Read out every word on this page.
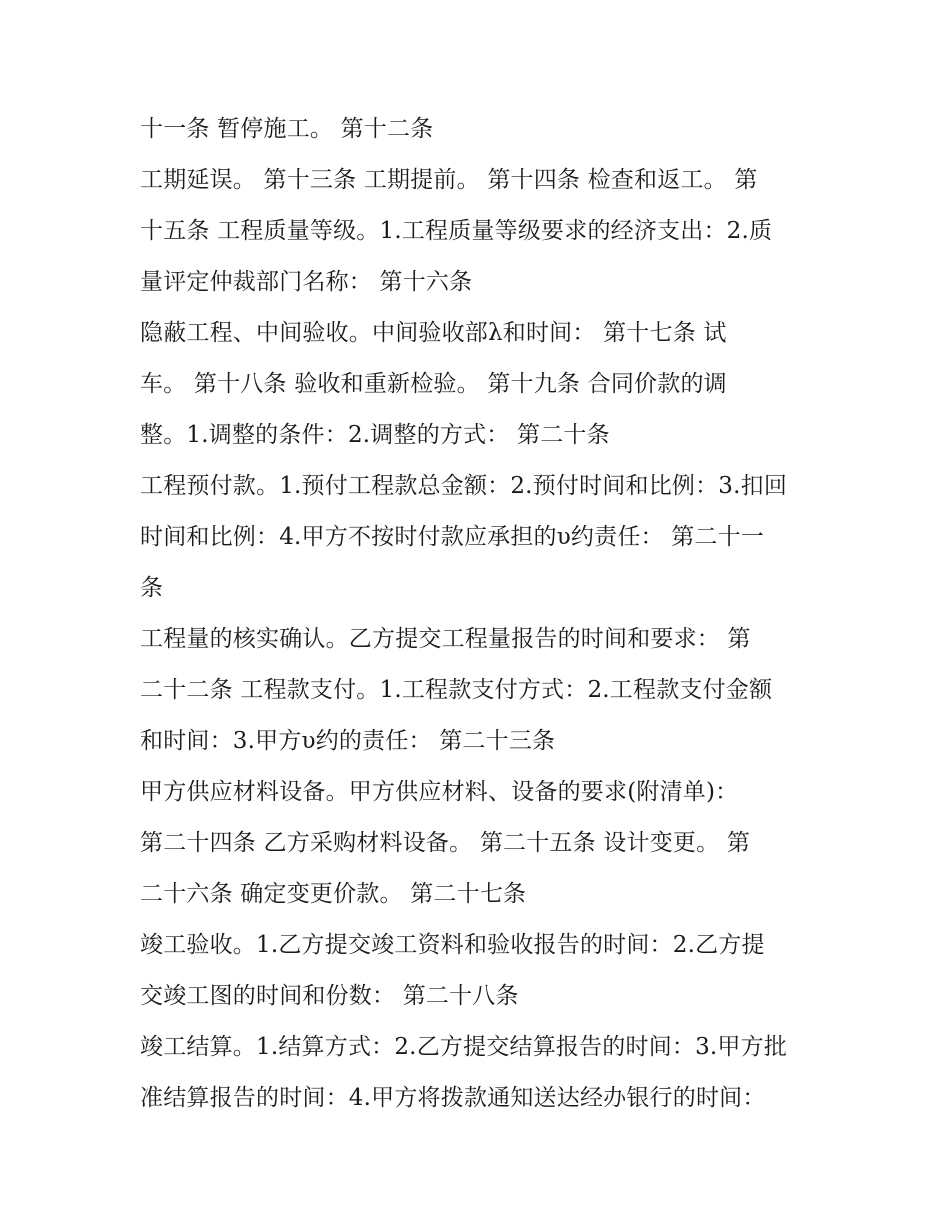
十一条 暂停施工。 第十二条
工期延误。 第十三条 工期提前。 第十四条 检查和返工。 第
十五条 工程质量等级。1.工程质量等级要求的经济支出：2.质
量评定仲裁部门名称： 第十六条
隐蔽工程、中间验收。中间验收部λ和时间： 第十七条 试
车。 第十八条 验收和重新检验。 第十九条 合同价款的调
整。1.调整的条件：2.调整的方式： 第二十条
工程预付款。1.预付工程款总金额：2.预付时间和比例：3.扣回
时间和比例：4.甲方不按时付款应承担的υ约责任： 第二十一
条
工程量的核实确认。乙方提交工程量报告的时间和要求： 第
二十二条 工程款支付。1.工程款支付方式：2.工程款支付金额
和时间：3.甲方υ约的责任： 第二十三条
甲方供应材料设备。甲方供应材料、设备的要求(附清单)：
第二十四条 乙方采购材料设备。 第二十五条 设计变更。 第
二十六条 确定变更价款。 第二十七条
竣工验收。1.乙方提交竣工资料和验收报告的时间：2.乙方提
交竣工图的时间和份数： 第二十八条
竣工结算。1.结算方式：2.乙方提交结算报告的时间：3.甲方批
准结算报告的时间：4.甲方将拨款通知送达经办银行的时间：
